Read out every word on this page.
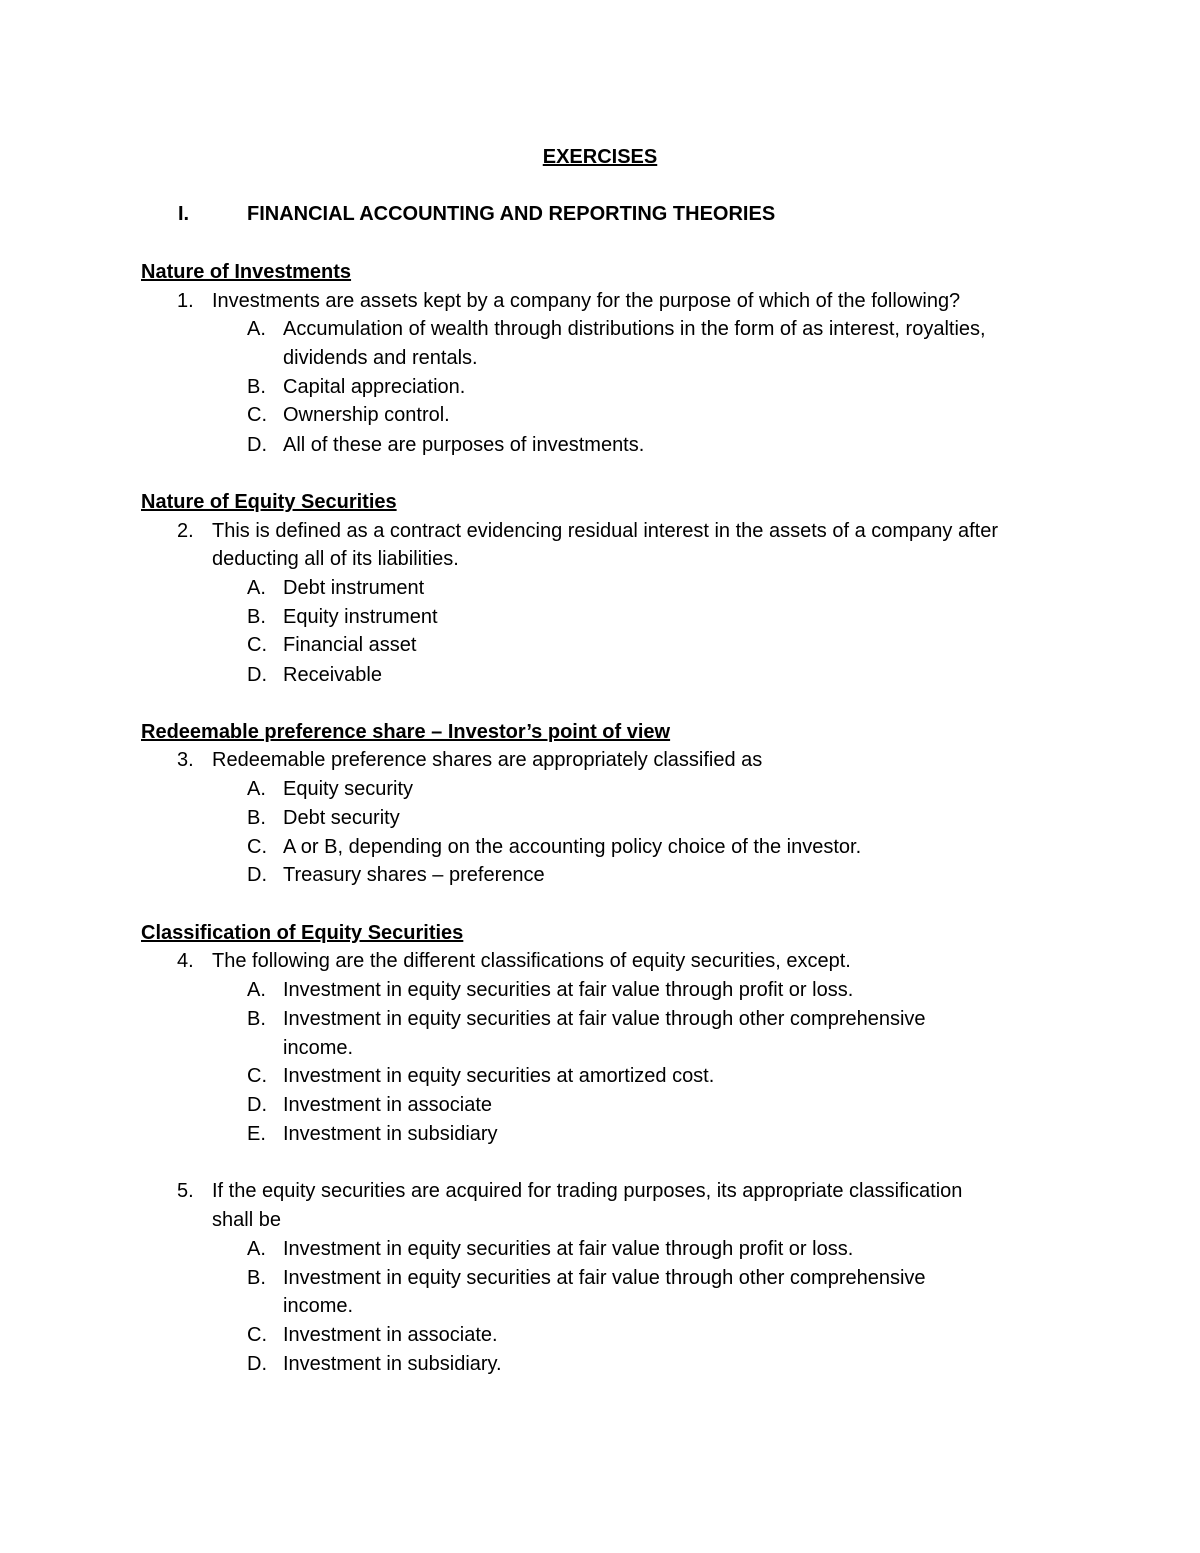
EXERCISES
I.	FINANCIAL ACCOUNTING AND REPORTING THEORIES
Nature of Investments
1. Investments are assets kept by a company for the purpose of which of the following?
A. Accumulation of wealth through distributions in the form of as interest, royalties,
dividends and rentals.
B. Capital appreciation.
C. Ownership control.
D. All of these are purposes of investments.
Nature of Equity Securities
2. This is defined as a contract evidencing residual interest in the assets of a company after
deducting all of its liabilities.
A. Debt instrument
B. Equity instrument
C. Financial asset
D. Receivable
Redeemable preference share – Investor’s point of view
3. Redeemable preference shares are appropriately classified as
A. Equity security
B. Debt security
C. A or B, depending on the accounting policy choice of the investor.
D. Treasury shares – preference
Classification of Equity Securities
4. The following are the different classifications of equity securities, except.
A. Investment in equity securities at fair value through profit or loss.
B. Investment in equity securities at fair value through other comprehensive
income.
C. Investment in equity securities at amortized cost.
D. Investment in associate
E. Investment in subsidiary
5. If the equity securities are acquired for trading purposes, its appropriate classification
shall be
A. Investment in equity securities at fair value through profit or loss.
B. Investment in equity securities at fair value through other comprehensive
income.
C. Investment in associate.
D. Investment in subsidiary.
